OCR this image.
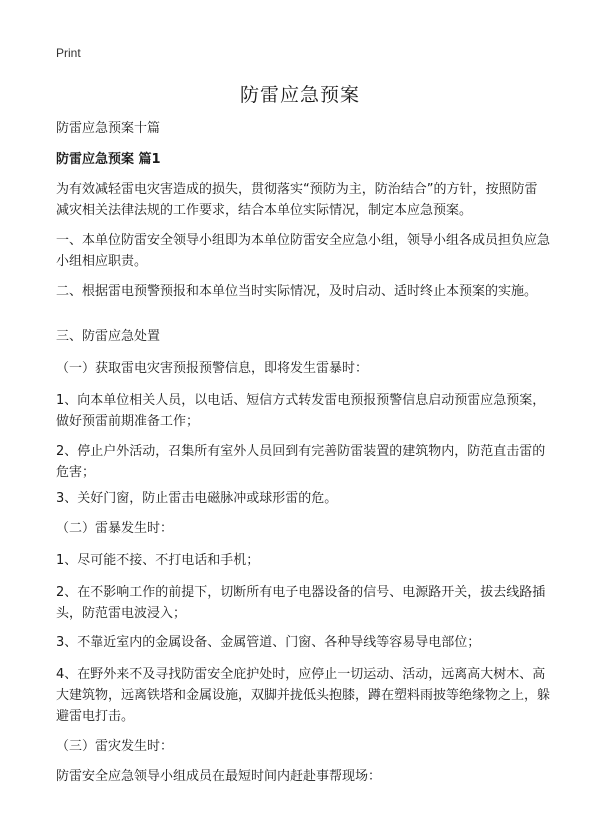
Print
防雷应急预案

防雷应急预案十篇

防雷应急预案 篇1

为有效减轻雷电灾害造成的损失，贯彻落实“预防为主，防治结合”的方针，按照防雷减灾相关法律法规的工作要求，结合本单位实际情况，制定本应急预案。

一、本单位防雷安全领导小组即为本单位防雷安全应急小组，领导小组各成员担负应急小组相应职责。

二、根据雷电预警预报和本单位当时实际情况，及时启动、适时终止本预案的实施。

三、防雷应急处置

（一）获取雷电灾害预报预警信息，即将发生雷暴时：

1、向本单位相关人员，以电话、短信方式转发雷电预报预警信息启动预雷应急预案，做好预雷前期准备工作；

2、停止户外活动，召集所有室外人员回到有完善防雷装置的建筑物内，防范直击雷的危害；

3、关好门窗，防止雷击电磁脉冲或球形雷的危。

（二）雷暴发生时：

1、尽可能不接、不打电话和手机；

2、在不影响工作的前提下，切断所有电子电器设备的信号、电源路开关，拔去线路插头，防范雷电波浸入；

3、不靠近室内的金属设备、金属管道、门窗、各种导线等容易导电部位；

4、在野外来不及寻找防雷安全庇护处时，应停止一切运动、活动，远离高大树木、高大建筑物，远离铁塔和金属设施，双脚并拢低头抱膝，蹲在塑料雨披等绝缘物之上，躲避雷电打击。

（三）雷灾发生时：

防雷安全应急领导小组成员在最短时间内赶赴事帮现场：
